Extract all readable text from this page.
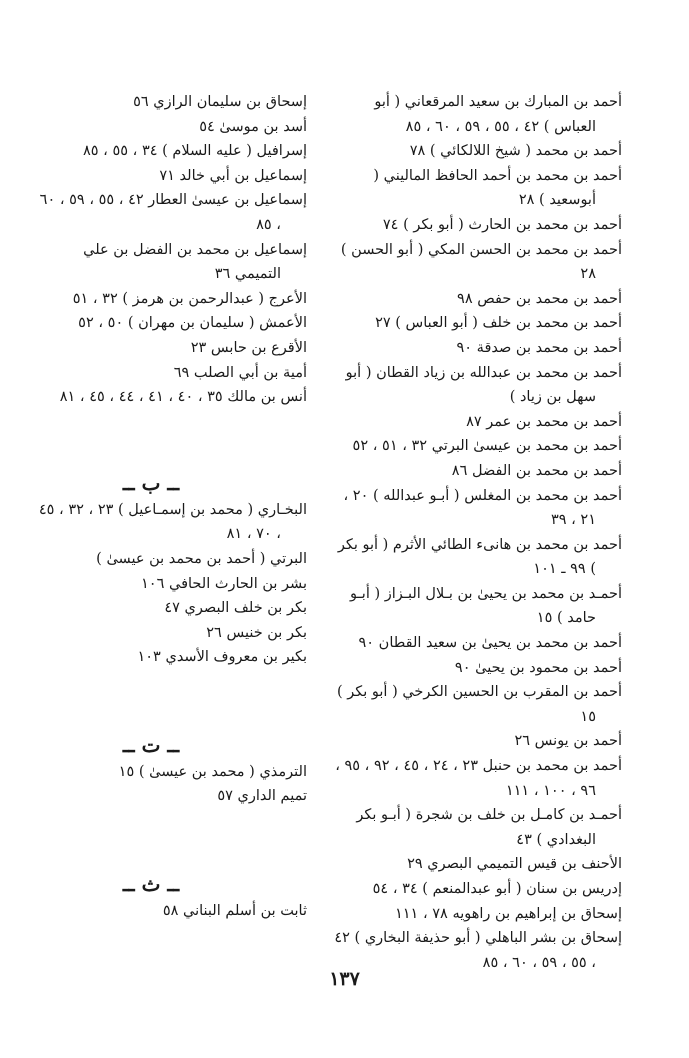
أحمد بن المبارك بن سعيد المرقعاني ( أبو العباس ) ٤٢ ، ٥٥ ، ٥٩ ، ٦٠ ، ٨٥
أحمد بن محمد ( شيخ اللالكائي ) ٧٨
أحمد بن محمد بن أحمد الحافظ الماليني ( أبوسعيد ) ٢٨
أحمد بن محمد بن الحارث ( أبو بكر ) ٧٤
أحمد بن محمد بن الحسن المكي ( أبو الحسن ) ٢٨
أحمد بن محمد بن حفص ٩٨
أحمد بن محمد بن خلف ( أبو العباس ) ٢٧
أحمد بن محمد بن صدقة ٩٠
أحمد بن محمد بن عبدالله بن زياد القطان ( أبو سهل بن زياد )
أحمد بن محمد بن عمر ٨٧
أحمد بن محمد بن عيسىٰ البرتي ٣٢ ، ٥١ ، ٥٢
أحمد بن محمد بن الفضل ٨٦
أحمد بن محمد بن المغلس ( أبـو عبدالله ) ٢٠ ، ٢١ ، ٣٩
أحمد بن محمد بن هانىء الطائي الأثرم ( أبو بكر ) ٩٩ ـ ١٠١
أحمـد بن محمد بن يحيىٰ بن بـلال البـزاز ( أبـو حامد ) ١٥
أحمد بن محمد بن يحيىٰ بن سعيد القطان ٩٠
أحمد بن محمود بن يحيىٰ ٩٠
أحمد بن المقرب بن الحسين الكرخي ( أبو بكر ) ١٥
أحمد بن يونس ٢٦
أحمد بن محمد بن حنبل ٢٣ ، ٢٤ ، ٤٥ ، ٩٢ ، ٩٥ ، ٩٦ ، ١٠٠ ، ١١١
أحمـد بن كامـل بن خلف بن شجرة ( أبـو بكر البغدادي ) ٤٣
الأحنف بن قيس التميمي البصري ٢٩
إدريس بن سنان ( أبو عبدالمنعم ) ٣٤ ، ٥٤
إسحاق بن إبراهيم بن راهويه ٧٨ ، ١١١
إسحاق بن بشر الباهلي ( أبو حذيفة البخاري ) ٤٢ ، ٥٥ ، ٥٩ ، ٦٠ ، ٨٥
إسحاق بن سليمان الرازي ٥٦
أسد بن موسىٰ ٥٤
إسرافيل ( عليه السلام ) ٣٤ ، ٥٥ ، ٨٥
إسماعيل بن أبي خالد ٧١
إسماعيل بن عيسىٰ العطار ٤٢ ، ٥٥ ، ٥٩ ، ٦٠ ، ٨٥
إسماعيل بن محمد بن الفضل بن علي التميمي ٣٦
الأعرج ( عبدالرحمن بن هرمز ) ٣٢ ، ٥١
الأعمش ( سليمان بن مهران ) ٥٠ ، ٥٢
الأقرع بن حابس ٢٣
أمية بن أبي الصلب ٦٩
أنس بن مالك ٣٥ ، ٤٠ ، ٤١ ، ٤٤ ، ٤٥ ، ٨١
ــ ب ــ
البخـاري ( محمد بن إسمـاعيل ) ٢٣ ، ٣٢ ، ٤٥ ، ٧٠ ، ٨١
البرتي ( أحمد بن محمد بن عيسىٰ )
بشر بن الحارث الحافي ١٠٦
بكر بن خلف البصري ٤٧
بكر بن خنيس ٢٦
بكير بن معروف الأسدي ١٠٣
ــ ت ــ
الترمذي ( محمد بن عيسىٰ ) ١٥
تميم الداري ٥٧
ــ ث ــ
ثابت بن أسلم البناني ٥٨
١٣٧
